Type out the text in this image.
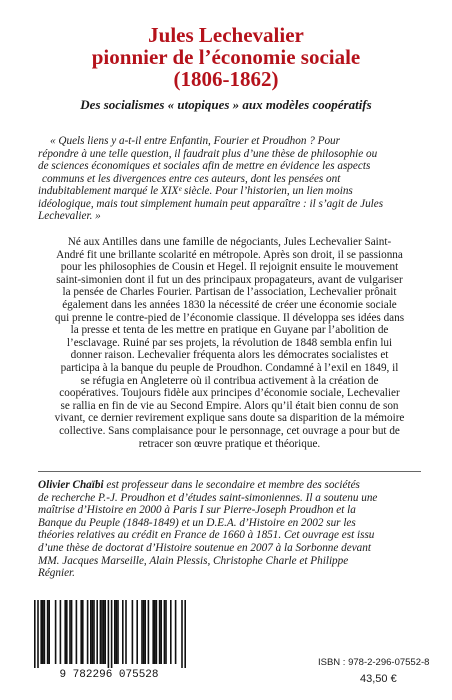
Jules Lechevalier
pionnier de l’économie sociale
(1806-1862)
Des socialismes « utopiques » aux modèles coopératifs
« Quels liens y a-t-il entre Enfantin, Fourier et Proudhon ? Pour
répondre à une telle question, il faudrait plus d’une thèse de philosophie ou
de sciences économiques et sociales afin de mettre en évidence les aspects
communs et les divergences entre ces auteurs, dont les pensées ont
indubitablement marqué le XIXᵉ siècle. Pour l’historien, un lien moins
idéologique, mais tout simplement humain peut apparaître : il s’agit de Jules
Lechevalier. »
Né aux Antilles dans une famille de négociants, Jules Lechevalier Saint-
André fit une brillante scolarité en métropole. Après son droit, il se passionna
pour les philosophies de Cousin et Hegel. Il rejoignit ensuite le mouvement
saint-simonien dont il fut un des principaux propagateurs, avant de vulgariser
la pensée de Charles Fourier. Partisan de l’association, Lechevalier prônait
également dans les années 1830 la nécessité de créer une économie sociale
qui prenne le contre-pied de l’économie classique. Il développa ses idées dans
la presse et tenta de les mettre en pratique en Guyane par l’abolition de
l’esclavage. Ruiné par ses projets, la révolution de 1848 sembla enfin lui
donner raison. Lechevalier fréquenta alors les démocrates socialistes et
participa à la banque du peuple de Proudhon. Condamné à l’exil en 1849, il
se réfugia en Angleterre où il contribua activement à la création de
coopératives. Toujours fidèle aux principes d’économie sociale, Lechevalier
se rallia en fin de vie au Second Empire. Alors qu’il était bien connu de son
vivant, ce dernier revirement explique sans doute sa disparition de la mémoire
collective. Sans complaisance pour le personnage, cet ouvrage a pour but de
retracer son œuvre pratique et théorique.
Olivier Chaïbi est professeur dans le secondaire et membre des sociétés
de recherche P.-J. Proudhon et d’études saint-simoniennes. Il a soutenu une
maîtrise d’Histoire en 2000 à Paris I sur Pierre-Joseph Proudhon et la
Banque du Peuple (1848-1849) et un D.E.A. d’Histoire en 2002 sur les
théories relatives au crédit en France de 1660 à 1851. Cet ouvrage est issu
d’une thèse de doctorat d’Histoire soutenue en 2007 à la Sorbonne devant
MM. Jacques Marseille, Alain Plessis, Christophe Charle et Philippe
Régnier.
9 782296 075528
ISBN : 978-2-296-07552-8
43,50 €
